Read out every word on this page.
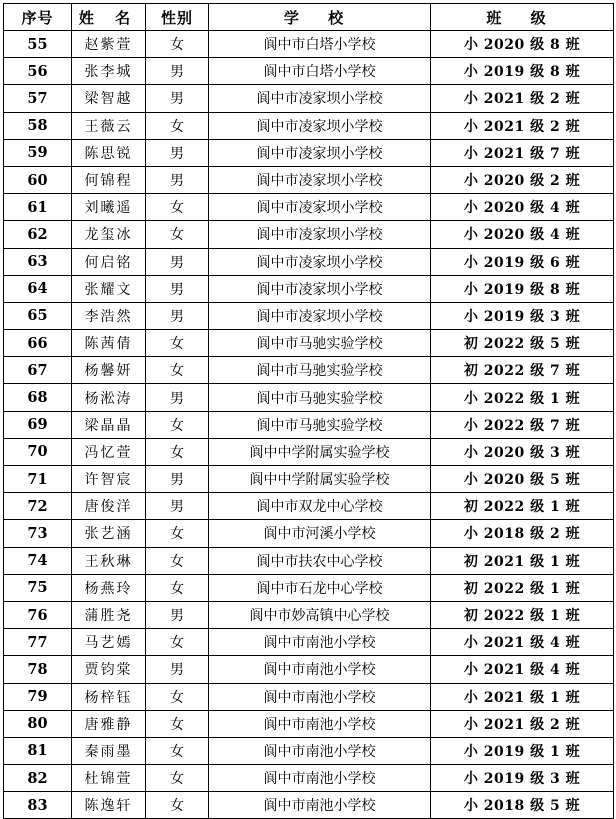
序号	姓 名	性别	学 校	班 级
55	赵紫萱	女	阆中市白塔小学校	小 2020 级 8 班
56	张李城	男	阆中市白塔小学校	小 2019 级 8 班
57	梁智越	男	阆中市凌家坝小学校	小 2021 级 2 班
58	王薇云	女	阆中市凌家坝小学校	小 2021 级 2 班
59	陈思锐	男	阆中市凌家坝小学校	小 2021 级 7 班
60	何锦程	男	阆中市凌家坝小学校	小 2020 级 2 班
61	刘曦遥	女	阆中市凌家坝小学校	小 2020 级 4 班
62	龙玺冰	女	阆中市凌家坝小学校	小 2020 级 4 班
63	何启铭	男	阆中市凌家坝小学校	小 2019 级 6 班
64	张耀文	男	阆中市凌家坝小学校	小 2019 级 8 班
65	李浩然	男	阆中市凌家坝小学校	小 2019 级 3 班
66	陈茜倩	女	阆中市马驰实验学校	初 2022 级 5 班
67	杨馨妍	女	阆中市马驰实验学校	初 2022 级 7 班
68	杨淞涛	男	阆中市马驰实验学校	小 2022 级 1 班
69	梁晶晶	女	阆中市马驰实验学校	小 2022 级 7 班
70	冯忆萱	女	阆中中学附属实验学校	小 2020 级 3 班
71	许智宸	男	阆中中学附属实验学校	小 2020 级 5 班
72	唐俊洋	男	阆中市双龙中心学校	初 2022 级 1 班
73	张艺涵	女	阆中市河溪小学校	小 2018 级 2 班
74	王秋琳	女	阆中市扶农中心学校	初 2021 级 1 班
75	杨燕玲	女	阆中市石龙中心学校	初 2022 级 1 班
76	蒲胜尧	男	阆中市妙高镇中心学校	初 2022 级 1 班
77	马艺嫣	女	阆中市南池小学校	小 2021 级 4 班
78	贾钧棠	男	阆中市南池小学校	小 2021 级 4 班
79	杨梓钰	女	阆中市南池小学校	小 2021 级 1 班
80	唐雅静	女	阆中市南池小学校	小 2021 级 2 班
81	秦雨墨	女	阆中市南池小学校	小 2019 级 1 班
82	杜锦萱	女	阆中市南池小学校	小 2019 级 3 班
83	陈逸轩	女	阆中市南池小学校	小 2018 级 5 班
